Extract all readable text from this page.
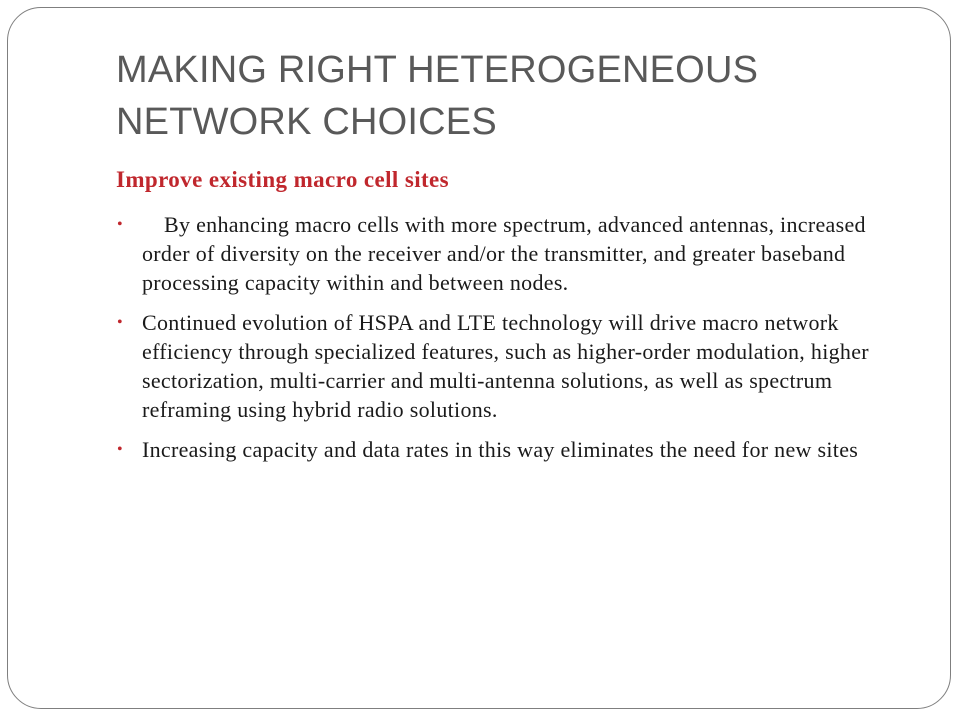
MAKING RIGHT HETEROGENEOUS NETWORK CHOICES
Improve existing macro cell sites
• By enhancing macro cells with more spectrum, advanced antennas, increased order of diversity on the receiver and/or the transmitter, and greater baseband processing capacity within and between nodes.
• Continued evolution of HSPA and LTE technology will drive macro network efficiency through specialized features, such as higher-order modulation, higher sectorization, multi-carrier and multi-antenna solutions, as well as spectrum reframing using hybrid radio solutions.
• Increasing capacity and data rates in this way eliminates the need for new sites
